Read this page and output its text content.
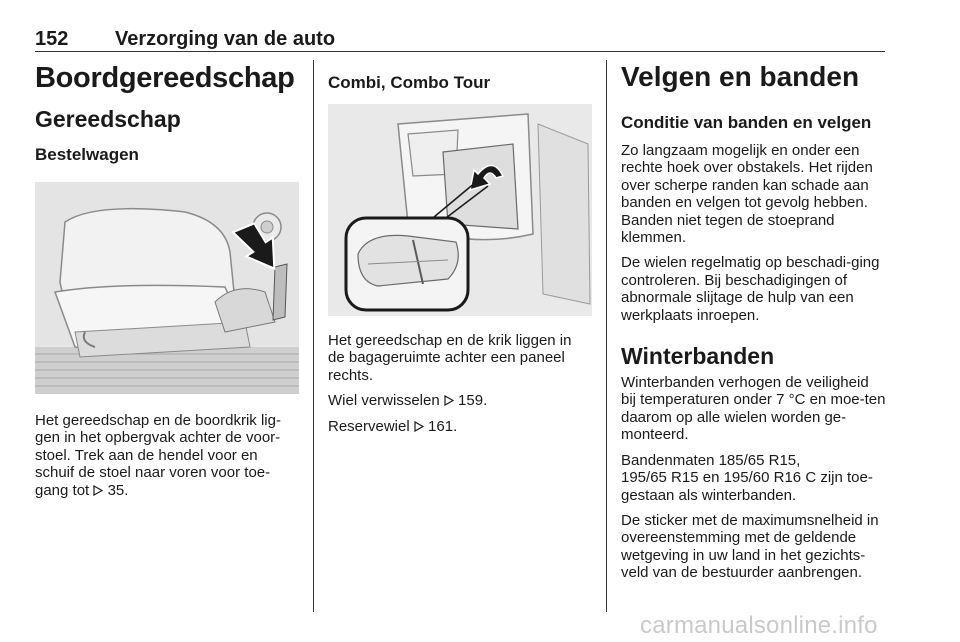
152 Verzorging van de auto
Boordgereedschap
Gereedschap
Bestelwagen

Het gereedschap en de boordkrik lig-gen in het opbergvak achter de voor-stoel. Trek aan de hendel voor en schuif de stoel naar voren voor toe-gang tot 35.

Combi, Combo Tour

Het gereedschap en de krik liggen in de bagageruimte achter een paneel rechts.

Wiel verwisselen 159.

Reservewiel 161.

Velgen en banden
Conditie van banden en velgen

Zo langzaam mogelijk en onder een rechte hoek over obstakels. Het rijden over scherpe randen kan schade aan banden en velgen tot gevolg hebben. Banden niet tegen de stoeprand klemmen.

De wielen regelmatig op beschadi-ging controleren. Bij beschadigingen of abnormale slijtage de hulp van een werkplaats inroepen.

Winterbanden

Winterbanden verhogen de veiligheid bij temperaturen onder 7 °C en moe-ten daarom op alle wielen worden ge-monteerd.

Bandenmaten 185/65 R15,
195/65 R15 en 195/60 R16 C zijn toe-gestaan als winterbanden.

De sticker met de maximumsnelheid in overeenstemming met de geldende wetgeving in uw land in het gezichts-veld van de bestuurder aanbrengen.

carmanualsonline.info
